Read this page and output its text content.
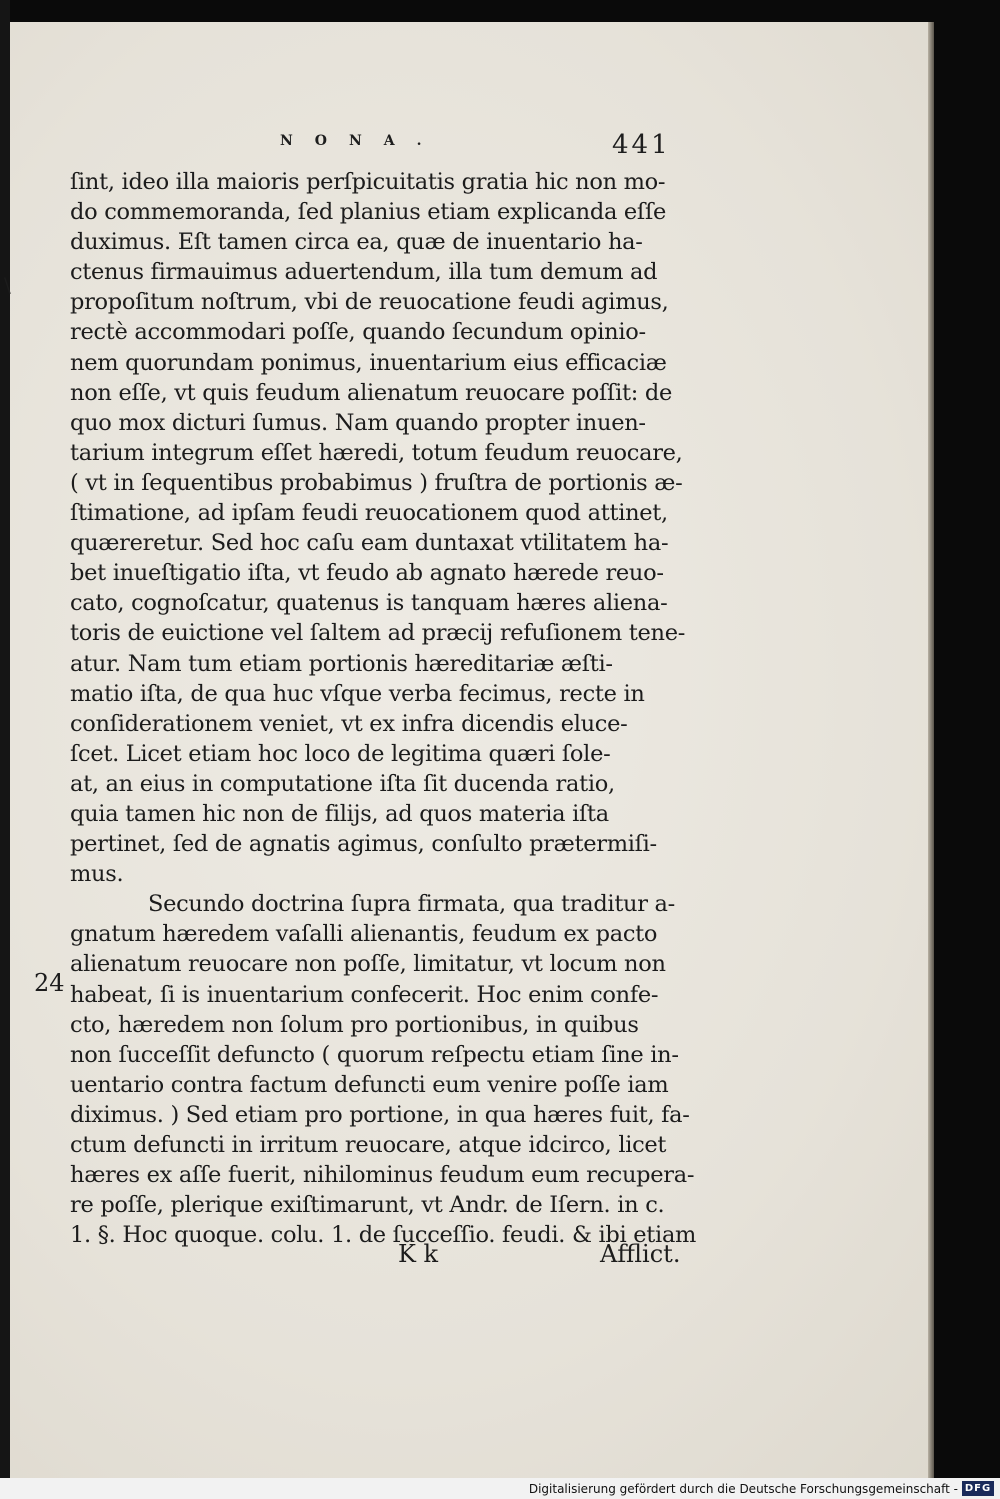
\
NONA.	441
ſint, ideo illa maioris perſpicuitatis gratia hic non mo-
do commemoranda, ſed planius etiam explicanda eſſe
duximus. Eſt tamen circa ea, quæ de inuentario ha-
ctenus firmauimus aduertendum, illa tum demum ad
propoſitum noſtrum, vbi de reuocatione feudi agimus,
rectè accommodari poſſe, quando ſecundum opinio-
nem quorundam ponimus, inuentarium eius efficaciæ
non eſſe, vt quis feudum alienatum reuocare poſſit: de
quo mox dicturi ſumus. Nam quando propter inuen-
tarium integrum eſſet hæredi, totum feudum reuocare,
( vt in ſequentibus probabimus ) fruſtra de portionis æ-
ſtimatione, ad ipſam feudi reuocationem quod attinet,
quæreretur. Sed hoc caſu eam duntaxat vtilitatem ha-
bet inueſtigatio iſta, vt feudo ab agnato hærede reuo-
cato, cognoſcatur, quatenus is tanquam hæres aliena-
toris de euictione vel ſaltem ad præcij refuſionem tene-
atur. Nam tum etiam portionis hæreditariæ æſti-
matio iſta, de qua huc vſque verba fecimus, recte in
conſiderationem veniet, vt ex infra dicendis eluce-
ſcet. Licet etiam hoc loco de legitima quæri ſole-
at, an eius in computatione iſta ſit ducenda ratio,
quia tamen hic non de filijs, ad quos materia iſta
pertinet, ſed de agnatis agimus, conſulto prætermiſi-
mus.
Secundo doctrina ſupra firmata, qua traditur a-
gnatum hæredem vaſalli alienantis, feudum ex pacto
alienatum reuocare non poſſe, limitatur, vt locum non
habeat, ſi is inuentarium confecerit. Hoc enim confe-
cto, hæredem non ſolum pro portionibus, in quibus
non ſucceſſit defuncto ( quorum reſpectu etiam ſine in-
uentario contra factum defuncti eum venire poſſe iam
diximus. ) Sed etiam pro portione, in qua hæres fuit, fa-
ctum defuncti in irritum reuocare, atque idcirco, licet
hæres ex aſſe fuerit, nihilominus feudum eum recupera-
re poſſe, plerique exiſtimarunt, vt Andr. de Iſern. in c.
1. §. Hoc quoque. colu. 1. de ſucceſſio. feudi. & ibi etiam
24
K k	Afflict.
Digitalisierung gefördert durch die Deutsche Forschungsgemeinschaft - DFG
